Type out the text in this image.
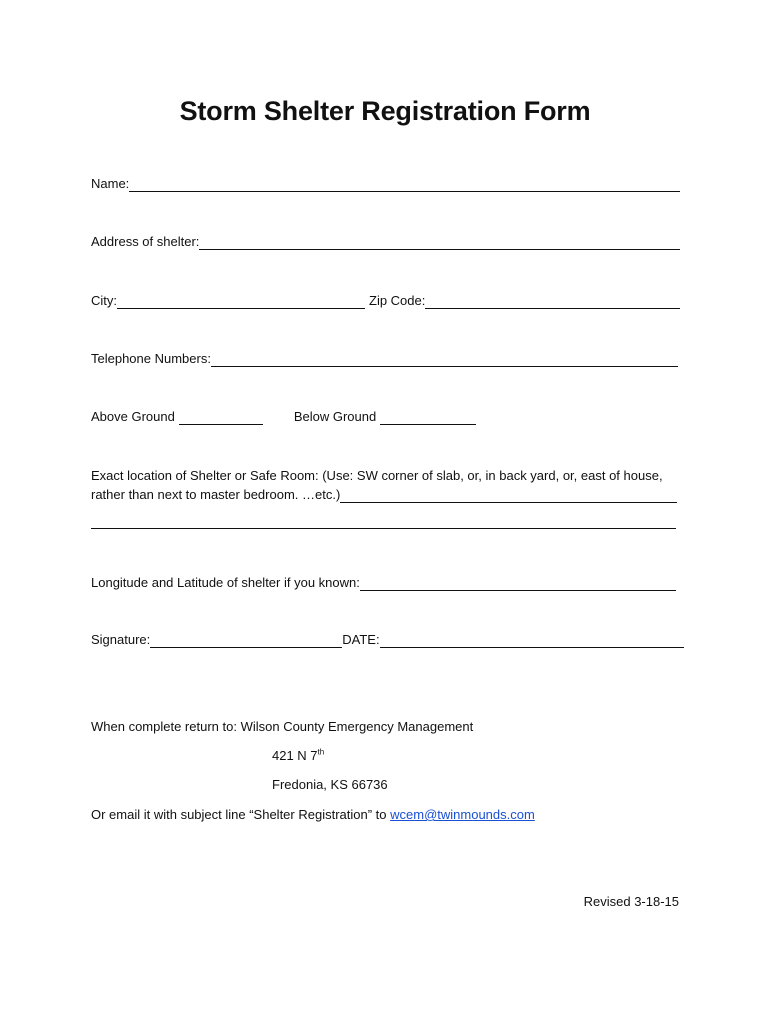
Storm Shelter Registration Form
Name:
Address of shelter:
City:	Zip Code:
Telephone Numbers:
Above Ground	Below Ground
Exact location of Shelter or Safe Room: (Use: SW corner of slab, or, in back yard, or, east of house,
rather than next to master bedroom. …etc.)
Longitude and Latitude of shelter if you known:
Signature:	DATE:
When complete return to: Wilson County Emergency Management
421 N 7th
Fredonia, KS 66736
Or email it with subject line “Shelter Registration” to wcem@twinmounds.com
Revised 3-18-15
